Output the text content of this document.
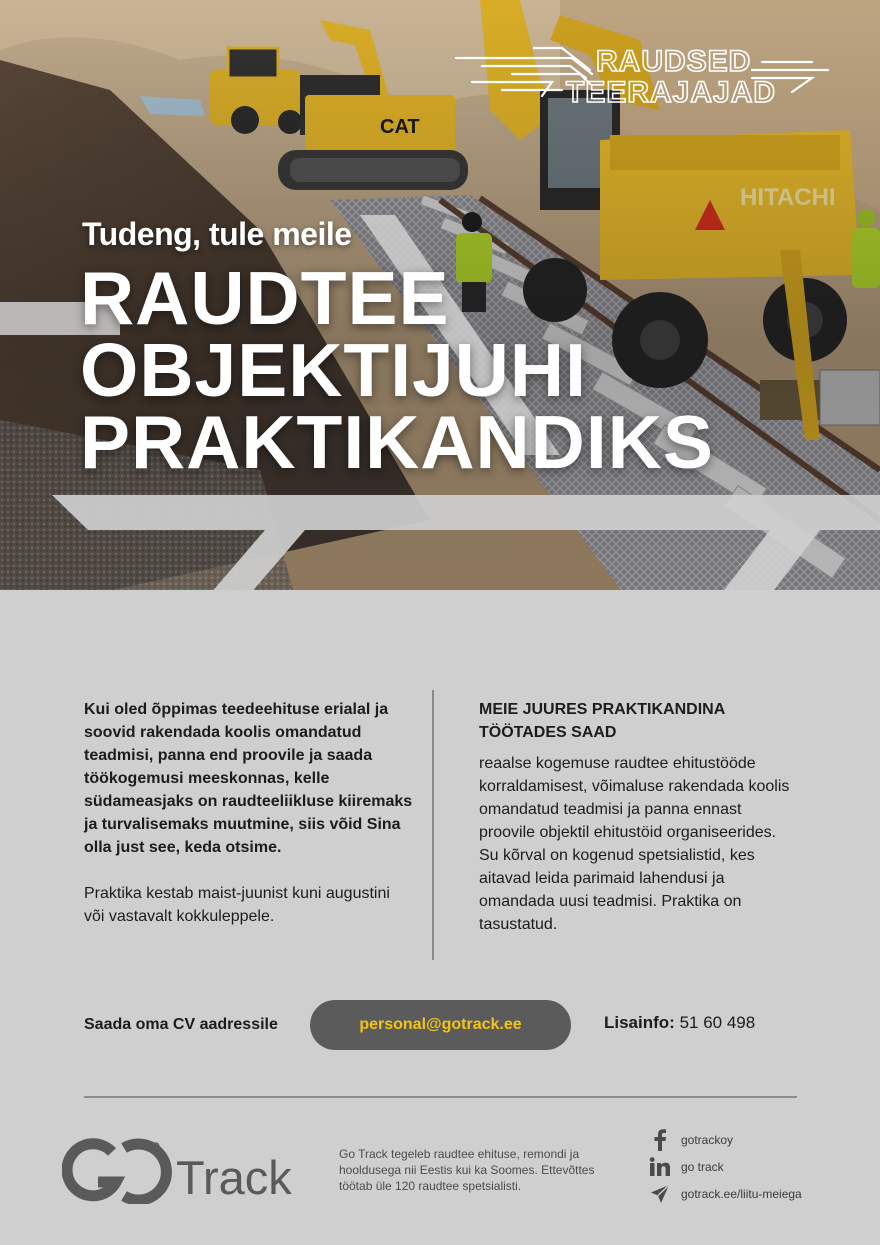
RAUDSED
TEERAJAJAD
Tudeng, tule meile
RAUDTEE
OBJEKTIJUHI
PRAKTIKANDIKS

Kui oled õppimas teedeehituse erialal ja soovid rakendada koolis omandatud teadmisi, panna end proovile ja saada töökogemusi meeskonnas, kelle südameasjaks on raudteeliikluse kiiremaks ja turvalisemaks muutmine, siis võid Sina olla just see, keda otsime.

Praktika kestab maist-juunist kuni augustini või vastavalt kokkuleppele.

MEIE JUURES PRAKTIKANDINA TÖÖTADES SAAD

reaalse kogemuse raudtee ehitustööde korraldamisest, võimaluse rakendada koolis omandatud teadmisi ja panna ennast proovile objektil ehitustöid organiseerides. Su kõrval on kogenud spetsialistid, kes aitavad leida parimaid lahendusi ja omandada uusi teadmisi. Praktika on tasustatud.

Saada oma CV aadressile	personal@gotrack.ee	Lisainfo: 51 60 498
Track	Go Track tegeleb raudtee ehituse, remondi ja hooldusega nii Eestis kui ka Soomes. Ettevõttes töötab üle 120 raudtee spetsialisti.
gotrackoy
go track
gotrack.ee/liitu-meiega
